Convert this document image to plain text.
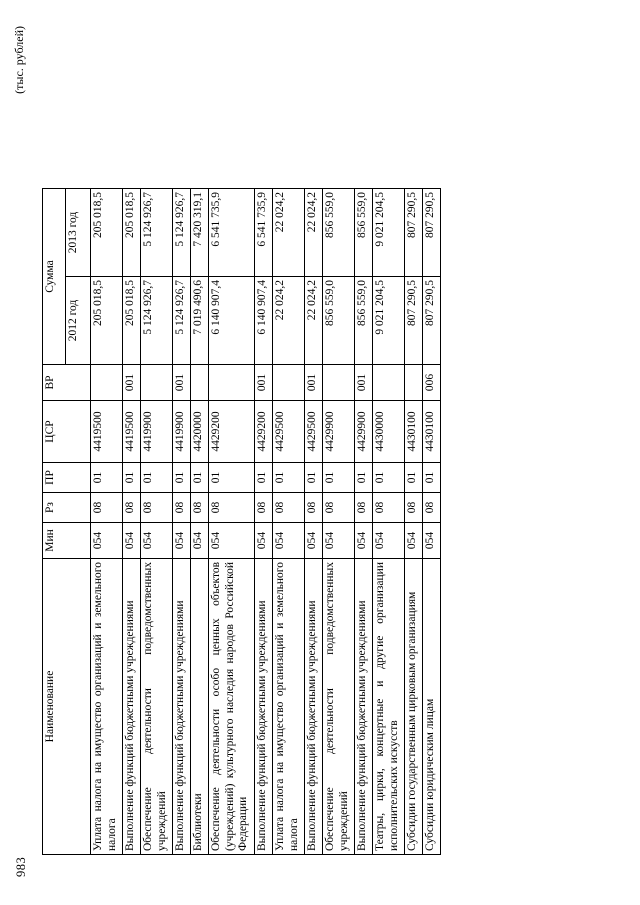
983
(тыс. рублей)
Наименование	Мин	Рз	ПР	ЦСР	ВР	Сумма	
						2012 год	2013 год
Уплата налога на имущество организаций и земельного налога	054	08	01	4419500		205 018,5	205 018,5
Выполнение функций бюджетными учреждениями	054	08	01	4419500	001	205 018,5	205 018,5
Обеспечение деятельности подведомственных учреждений	054	08	01	4419900		5 124 926,7	5 124 926,7
Выполнение функций бюджетными учреждениями	054	08	01	4419900	001	5 124 926,7	5 124 926,7
Библиотеки	054	08	01	4420000		7 019 490,6	7 420 319,1
Обеспечение деятельности особо ценных объектов (учреждений) культурного наследия народов Российской Федерации	054	08	01	4429200		6 140 907,4	6 541 735,9
Выполнение функций бюджетными учреждениями	054	08	01	4429200	001	6 140 907,4	6 541 735,9
Уплата налога на имущество организаций и земельного налога	054	08	01	4429500		22 024,2	22 024,2
Выполнение функций бюджетными учреждениями	054	08	01	4429500	001	22 024,2	22 024,2
Обеспечение деятельности подведомственных учреждений	054	08	01	4429900		856 559,0	856 559,0
Выполнение функций бюджетными учреждениями	054	08	01	4429900	001	856 559,0	856 559,0
Театры, цирки, концертные и другие организации исполнительских искусств	054	08	01	4430000		9 021 204,5	9 021 204,5
Субсидии государственным цирковым организациям	054	08	01	4430100		807 290,5	807 290,5
Субсидии юридическим лицам	054	08	01	4430100	006	807 290,5	807 290,5
